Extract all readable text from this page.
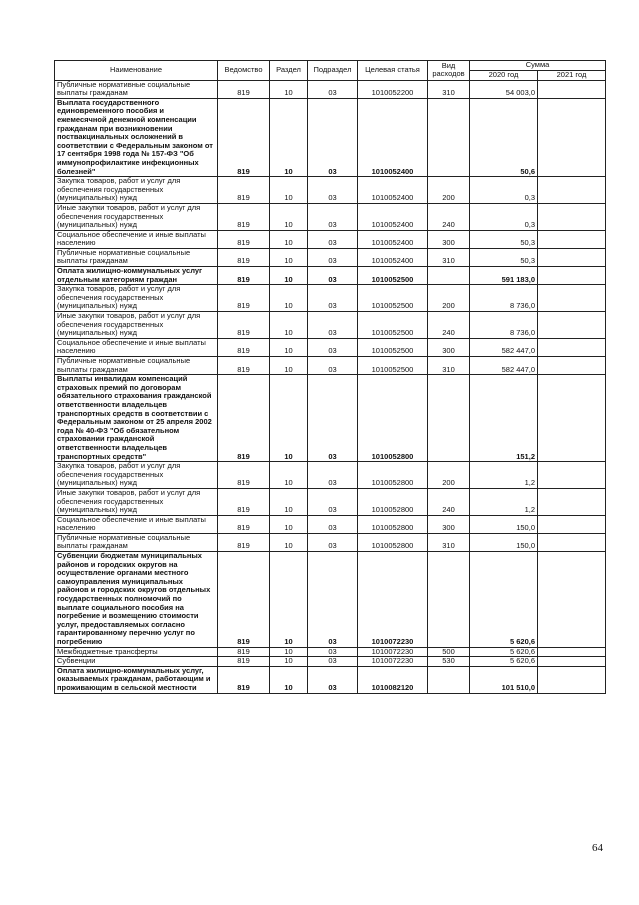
Наименование	Ведомство	Раздел	Подраздел	Целевая статья	Вид расходов	Сумма	
						2020 год	2021 год
Публичные нормативные социальные выплаты гражданам	819	10	03	1010052200	310	54 003,0	
Выплата государственного единовременного пособия и ежемесячной денежной компенсации гражданам при возникновении поствакцинальных осложнений в соответствии с Федеральным законом от 17 сентября 1998 года № 157-ФЗ "Об иммунопрофилактике инфекционных болезней"	819	10	03	1010052400		50,6	
Закупка товаров, работ и услуг для обеспечения государственных (муниципальных) нужд	819	10	03	1010052400	200	0,3	
Иные закупки товаров, работ и услуг для обеспечения государственных (муниципальных) нужд	819	10	03	1010052400	240	0,3	
Социальное обеспечение и иные выплаты населению	819	10	03	1010052400	300	50,3	
Публичные нормативные социальные выплаты гражданам	819	10	03	1010052400	310	50,3	
Оплата жилищно-коммунальных услуг отдельным категориям граждан	819	10	03	1010052500		591 183,0	
Закупка товаров, работ и услуг для обеспечения государственных (муниципальных) нужд	819	10	03	1010052500	200	8 736,0	
Иные закупки товаров, работ и услуг для обеспечения государственных (муниципальных) нужд	819	10	03	1010052500	240	8 736,0	
Социальное обеспечение и иные выплаты населению	819	10	03	1010052500	300	582 447,0	
Публичные нормативные социальные выплаты гражданам	819	10	03	1010052500	310	582 447,0	
Выплаты инвалидам компенсаций страховых премий по договорам обязательного страхования гражданской ответственности владельцев транспортных средств в соответствии с Федеральным законом от 25 апреля 2002 года № 40-ФЗ "Об обязательном страховании гражданской ответственности владельцев транспортных средств"	819	10	03	1010052800		151,2	
Закупка товаров, работ и услуг для обеспечения государственных (муниципальных) нужд	819	10	03	1010052800	200	1,2	
Иные закупки товаров, работ и услуг для обеспечения государственных (муниципальных) нужд	819	10	03	1010052800	240	1,2	
Социальное обеспечение и иные выплаты населению	819	10	03	1010052800	300	150,0	
Публичные нормативные социальные выплаты гражданам	819	10	03	1010052800	310	150,0	
Субвенции бюджетам муниципальных районов и городских округов на осуществление органами местного самоуправления муниципальных районов и городских округов отдельных государственных полномочий по выплате социального пособия на погребение и возмещению стоимости услуг, предоставляемых согласно гарантированному перечню услуг по погребению	819	10	03	1010072230		5 620,6	
Межбюджетные трансферты	819	10	03	1010072230	500	5 620,6	
Субвенции	819	10	03	1010072230	530	5 620,6	
Оплата жилищно-коммунальных услуг, оказываемых гражданам, работающим и проживающим в сельской местности	819	10	03	1010082120		101 510,0	
64
